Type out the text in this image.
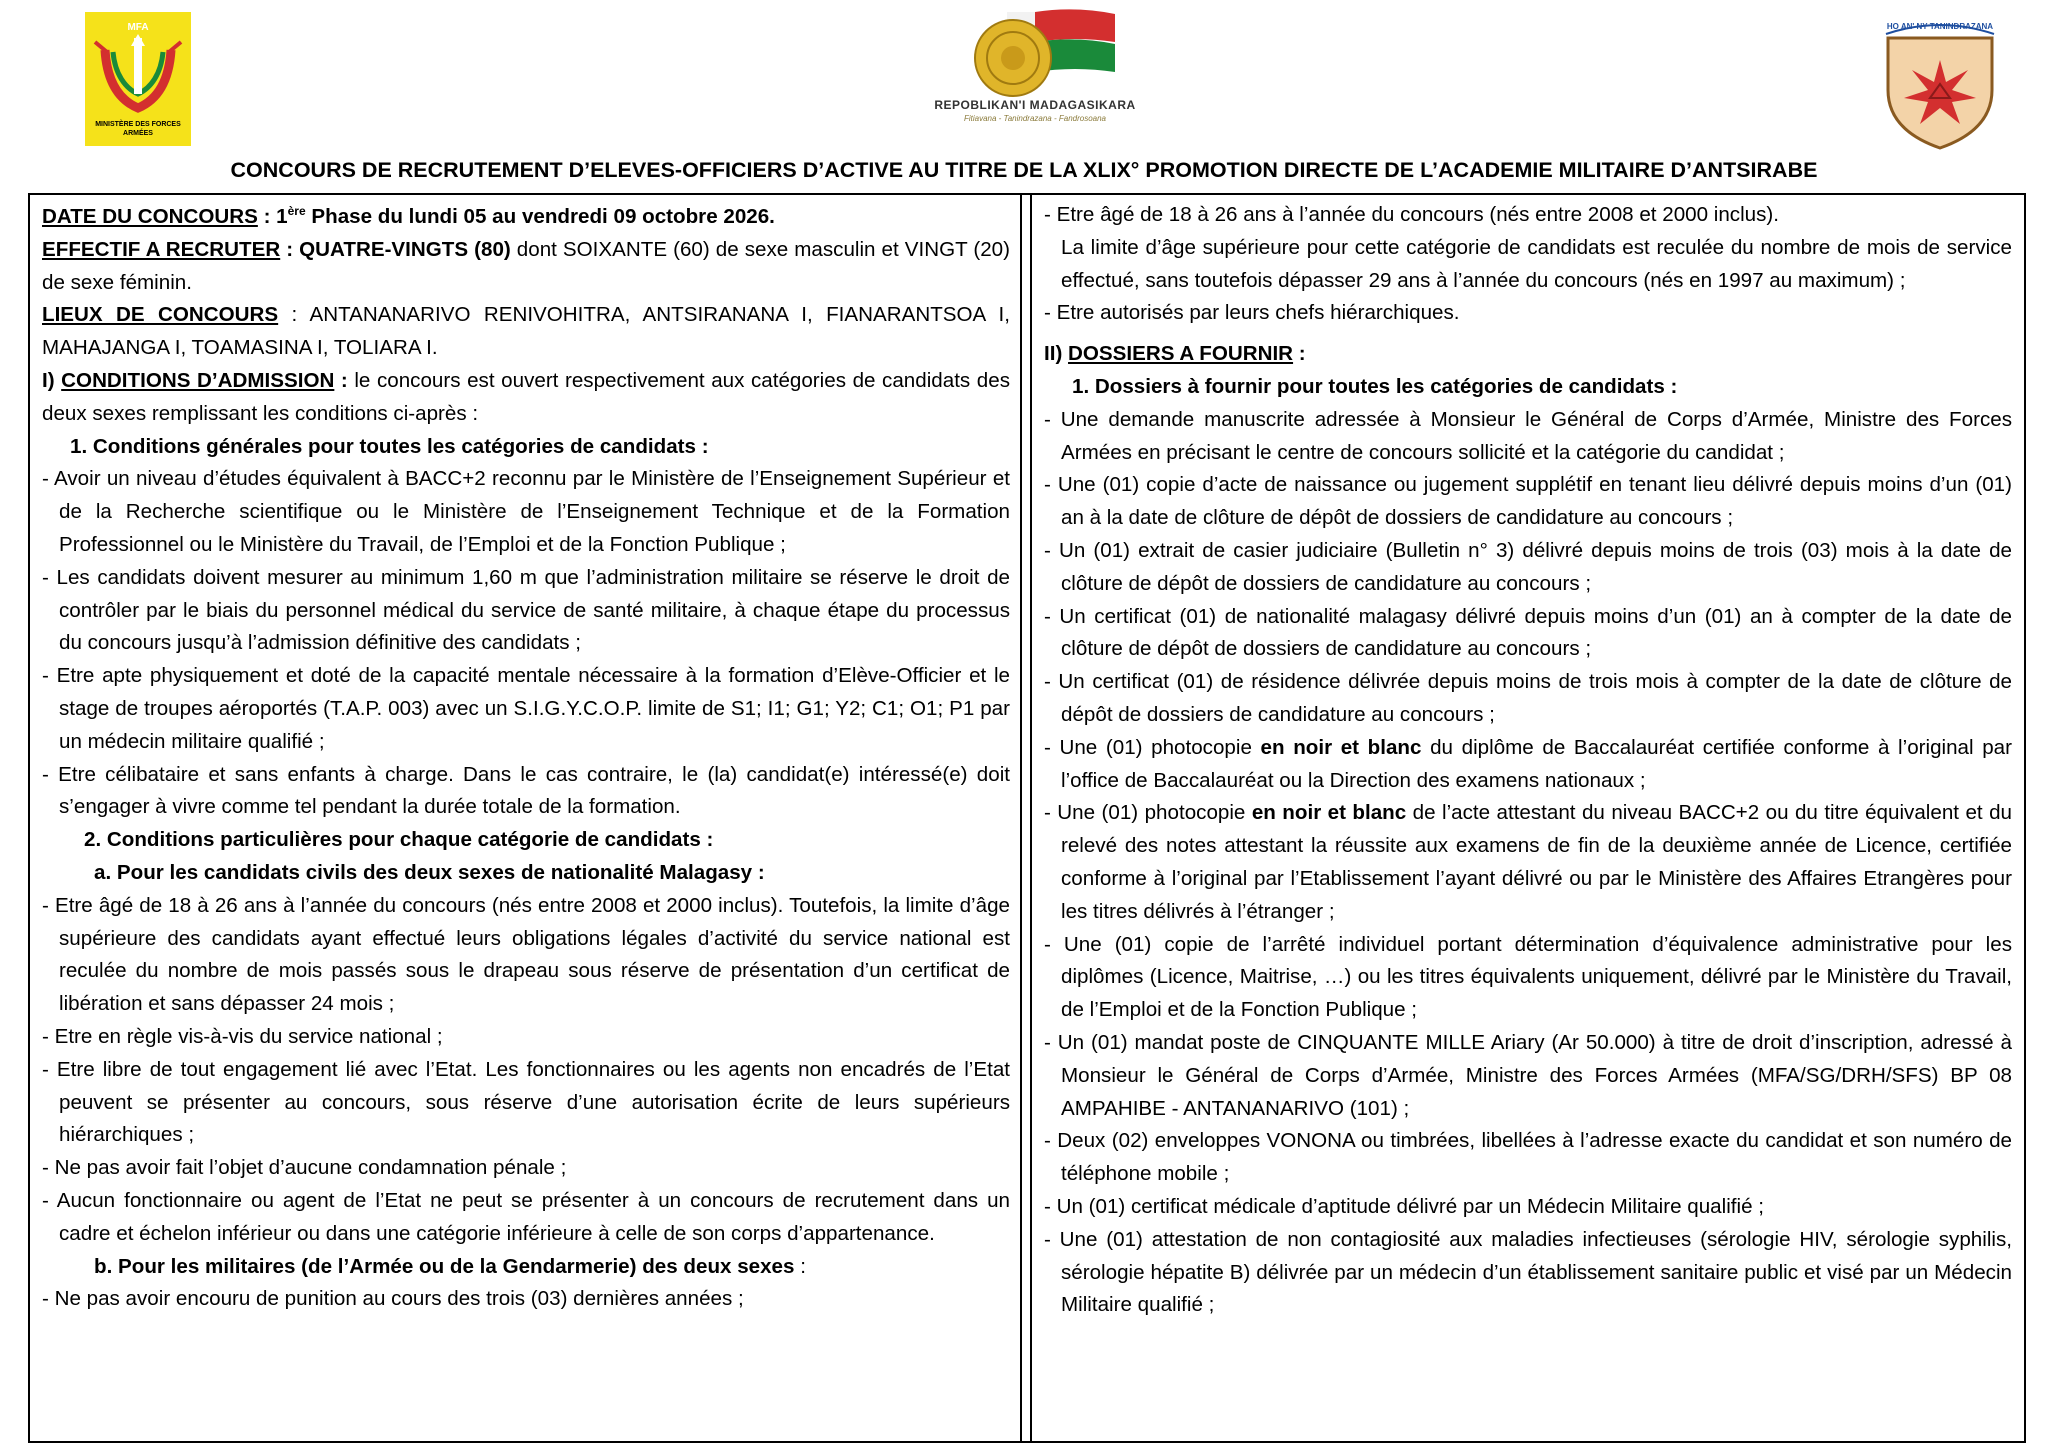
MFA
MINISTÈRE DES FORCES ARMÉES
REPOBLIKAN'I MADAGASIKARA
Fitiavana - Tanindrazana - Fandrosoana
HO AN' NY TANINDRAZANA
CONCOURS DE RECRUTEMENT D’ELEVES-OFFICIERS D’ACTIVE AU TITRE DE LA XLIX° PROMOTION DIRECTE DE L’ACADEMIE MILITAIRE D’ANTSIRABE

DATE DU CONCOURS : 1ère Phase du lundi 05 au vendredi 09 octobre 2026.

EFFECTIF A RECRUTER : QUATRE-VINGTS (80) dont SOIXANTE (60) de sexe masculin et VINGT (20) de sexe féminin.

LIEUX DE CONCOURS : ANTANANARIVO RENIVOHITRA, ANTSIRANANA I, FIANARANTSOA I, MAHAJANGA I, TOAMASINA I, TOLIARA I.

I) CONDITIONS D’ADMISSION : le concours est ouvert respectivement aux catégories de candidats des deux sexes remplissant les conditions ci-après :

1. Conditions générales pour toutes les catégories de candidats :

- Avoir un niveau d’études équivalent à BACC+2 reconnu par le Ministère de l’Enseignement Supérieur et de la Recherche scientifique ou le Ministère de l’Enseignement Technique et de la Formation Professionnel ou le Ministère du Travail, de l’Emploi et de la Fonction Publique ;

- Les candidats doivent mesurer au minimum 1,60 m que l’administration militaire se réserve le droit de contrôler par le biais du personnel médical du service de santé militaire, à chaque étape du processus du concours jusqu’à l’admission définitive des candidats ;

- Etre apte physiquement et doté de la capacité mentale nécessaire à la formation d’Elève-Officier et le stage de troupes aéroportés (T.A.P. 003) avec un S.I.G.Y.C.O.P. limite de S1; I1; G1; Y2; C1; O1; P1 par un médecin militaire qualifié ;

- Etre célibataire et sans enfants à charge. Dans le cas contraire, le (la) candidat(e) intéressé(e) doit s’engager à vivre comme tel pendant la durée totale de la formation.

2. Conditions particulières pour chaque catégorie de candidats :

a. Pour les candidats civils des deux sexes de nationalité Malagasy :

- Etre âgé de 18 à 26 ans à l’année du concours (nés entre 2008 et 2000 inclus). Toutefois, la limite d’âge supérieure des candidats ayant effectué leurs obligations légales d’activité du service national est reculée du nombre de mois passés sous le drapeau sous réserve de présentation d’un certificat de libération et sans dépasser 24 mois ;

- Etre en règle vis-à-vis du service national ;

- Etre libre de tout engagement lié avec l’Etat. Les fonctionnaires ou les agents non encadrés de l’Etat peuvent se présenter au concours, sous réserve d’une autorisation écrite de leurs supérieurs hiérarchiques ;

- Ne pas avoir fait l’objet d’aucune condamnation pénale ;

- Aucun fonctionnaire ou agent de l’Etat ne peut se présenter à un concours de recrutement dans un cadre et échelon inférieur ou dans une catégorie inférieure à celle de son corps d’appartenance.

b. Pour les militaires (de l’Armée ou de la Gendarmerie) des deux sexes :

- Ne pas avoir encouru de punition au cours des trois (03) dernières années ;

- Etre âgé de 18 à 26 ans à l’année du concours (nés entre 2008 et 2000 inclus).

La limite d’âge supérieure pour cette catégorie de candidats est reculée du nombre de mois de service effectué, sans toutefois dépasser 29 ans à l’année du concours (nés en 1997 au maximum) ;

- Etre autorisés par leurs chefs hiérarchiques.

II) DOSSIERS A FOURNIR :

1. Dossiers à fournir pour toutes les catégories de candidats :

- Une demande manuscrite adressée à Monsieur le Général de Corps d’Armée, Ministre des Forces Armées en précisant le centre de concours sollicité et la catégorie du candidat ;

- Une (01) copie d’acte de naissance ou jugement supplétif en tenant lieu délivré depuis moins d’un (01) an à la date de clôture de dépôt de dossiers de candidature au concours ;

- Un (01) extrait de casier judiciaire (Bulletin n° 3) délivré depuis moins de trois (03) mois à la date de clôture de dépôt de dossiers de candidature au concours ;

- Un certificat (01) de nationalité malagasy délivré depuis moins d’un (01) an à compter de la date de clôture de dépôt de dossiers de candidature au concours ;

- Un certificat (01) de résidence délivrée depuis moins de trois mois à compter de la date de clôture de dépôt de dossiers de candidature au concours ;

- Une (01) photocopie en noir et blanc du diplôme de Baccalauréat certifiée conforme à l’original par l’office de Baccalauréat ou la Direction des examens nationaux ;

- Une (01) photocopie en noir et blanc de l’acte attestant du niveau BACC+2 ou du titre équivalent et du relevé des notes attestant la réussite aux examens de fin de la deuxième année de Licence, certifiée conforme à l’original par l’Etablissement l’ayant délivré ou par le Ministère des Affaires Etrangères pour les titres délivrés à l’étranger ;

- Une (01) copie de l’arrêté individuel portant détermination d’équivalence administrative pour les diplômes (Licence, Maitrise, …) ou les titres équivalents uniquement, délivré par le Ministère du Travail, de l’Emploi et de la Fonction Publique ;

- Un (01) mandat poste de CINQUANTE MILLE Ariary (Ar 50.000) à titre de droit d’inscription, adressé à Monsieur le Général de Corps d’Armée, Ministre des Forces Armées (MFA/SG/DRH/SFS) BP 08 AMPAHIBE - ANTANANARIVO (101) ;

- Deux (02) enveloppes VONONA ou timbrées, libellées à l’adresse exacte du candidat et son numéro de téléphone mobile ;

- Un (01) certificat médicale d’aptitude délivré par un Médecin Militaire qualifié ;

- Une (01) attestation de non contagiosité aux maladies infectieuses (sérologie HIV, sérologie syphilis, sérologie hépatite B) délivrée par un médecin d’un établissement sanitaire public et visé par un Médecin Militaire qualifié ;
